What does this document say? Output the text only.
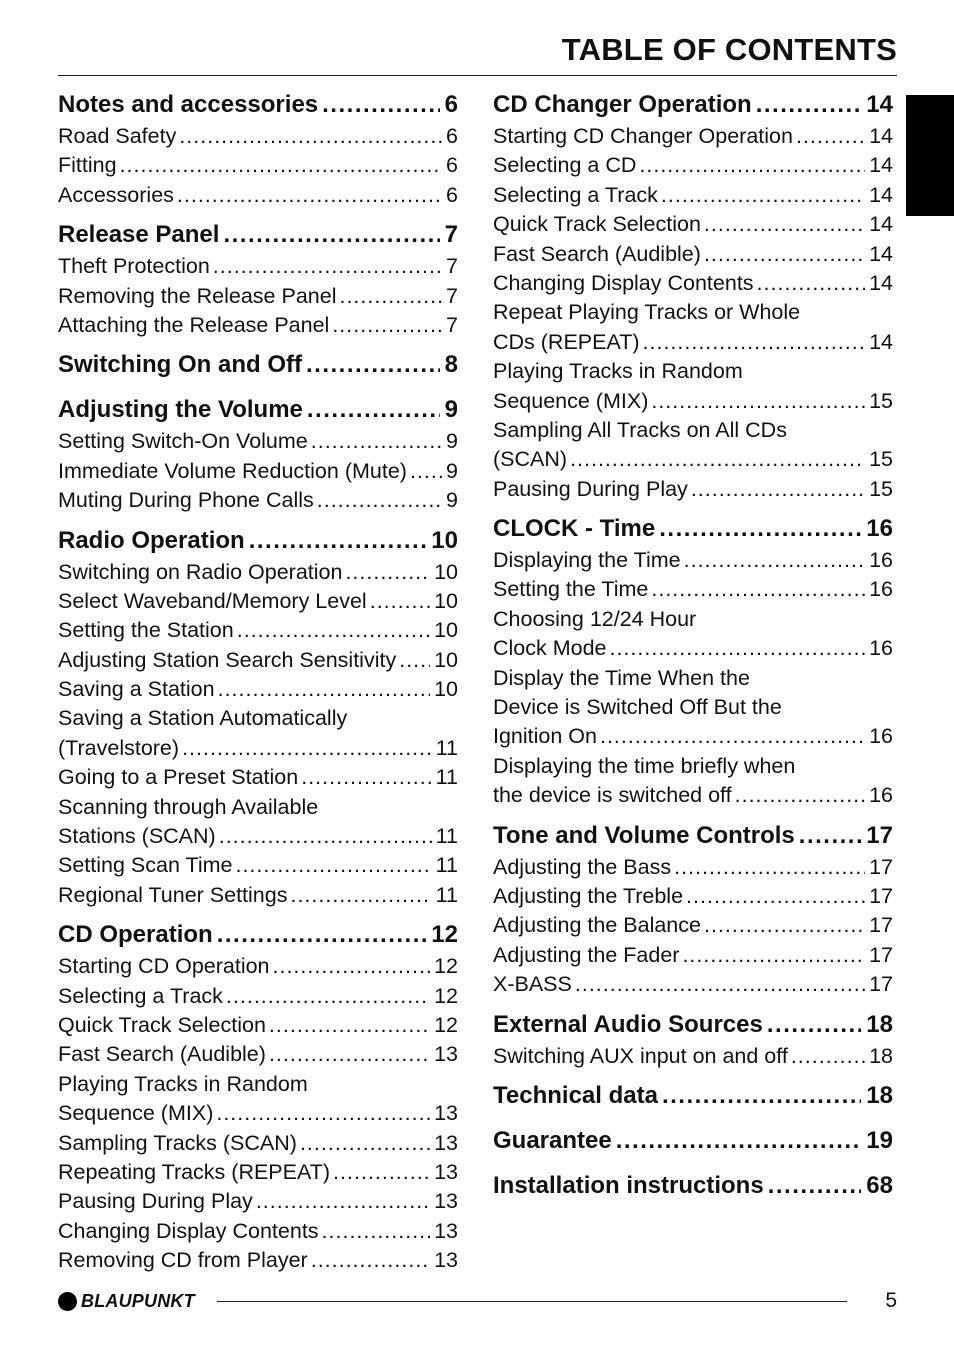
TABLE OF CONTENTS
Notes and accessories .....	6
Road Safety .....	6
Fitting .....	6
Accessories .....	6
Release Panel .....	7
Theft Protection .....	7
Removing the Release Panel .....	7
Attaching the Release Panel .....	7
Switching On and Off .....	8
Adjusting the Volume .....	9
Setting Switch-On Volume .....	9
Immediate Volume Reduction (Mute) ..... 9
Muting During Phone Calls .....	9
Radio Operation .....	10
Switching on Radio Operation .....	10
Select Waveband/Memory Level .....	10
Setting the Station .....	10
Adjusting Station Search Sensitivity ..... 10
Saving a Station .....	10
Saving a Station Automatically
(Travelstore) .....	11
Going to a Preset Station .....	11
Scanning through Available
Stations (SCAN) .....	11
Setting Scan Time .....	11
Regional Tuner Settings .....	11
CD Operation .....	12
Starting CD Operation .....	12
Selecting a Track .....	12
Quick Track Selection .....	12
Fast Search (Audible) .....	13
Playing Tracks in Random
Sequence (MIX) .....	13
Sampling Tracks (SCAN) .....	13
Repeating Tracks (REPEAT) .....	13
Pausing During Play .....	13
Changing Display Contents .....	13
Removing CD from Player .....	13
CD Changer Operation .....	14
Starting CD Changer Operation .....	14
Selecting a CD .....	14
Selecting a Track .....	14
Quick Track Selection .....	14
Fast Search (Audible) .....	14
Changing Display Contents .....	14
Repeat Playing Tracks or Whole
CDs (REPEAT) .....	14
Playing Tracks in Random
Sequence (MIX) .....	15
Sampling All Tracks on All CDs
(SCAN) .....	15
Pausing During Play .....	15
CLOCK - Time .....	16
Displaying the Time .....	16
Setting the Time .....	16
Choosing 12/24 Hour
Clock Mode .....	16
Display the Time When the
Device is Switched Off But the
Ignition On .....	16
Displaying the time briefly when
the device is switched off .....	16
Tone and Volume Controls .....	17
Adjusting the Bass .....	17
Adjusting the Treble .....	17
Adjusting the Balance .....	17
Adjusting the Fader .....	17
X-BASS .....	17
External Audio Sources .....	18
Switching AUX input on and off .....	18
Technical data .....	18
Guarantee .....	19
Installation instructions .....	68
BLAUPUNKT	5
